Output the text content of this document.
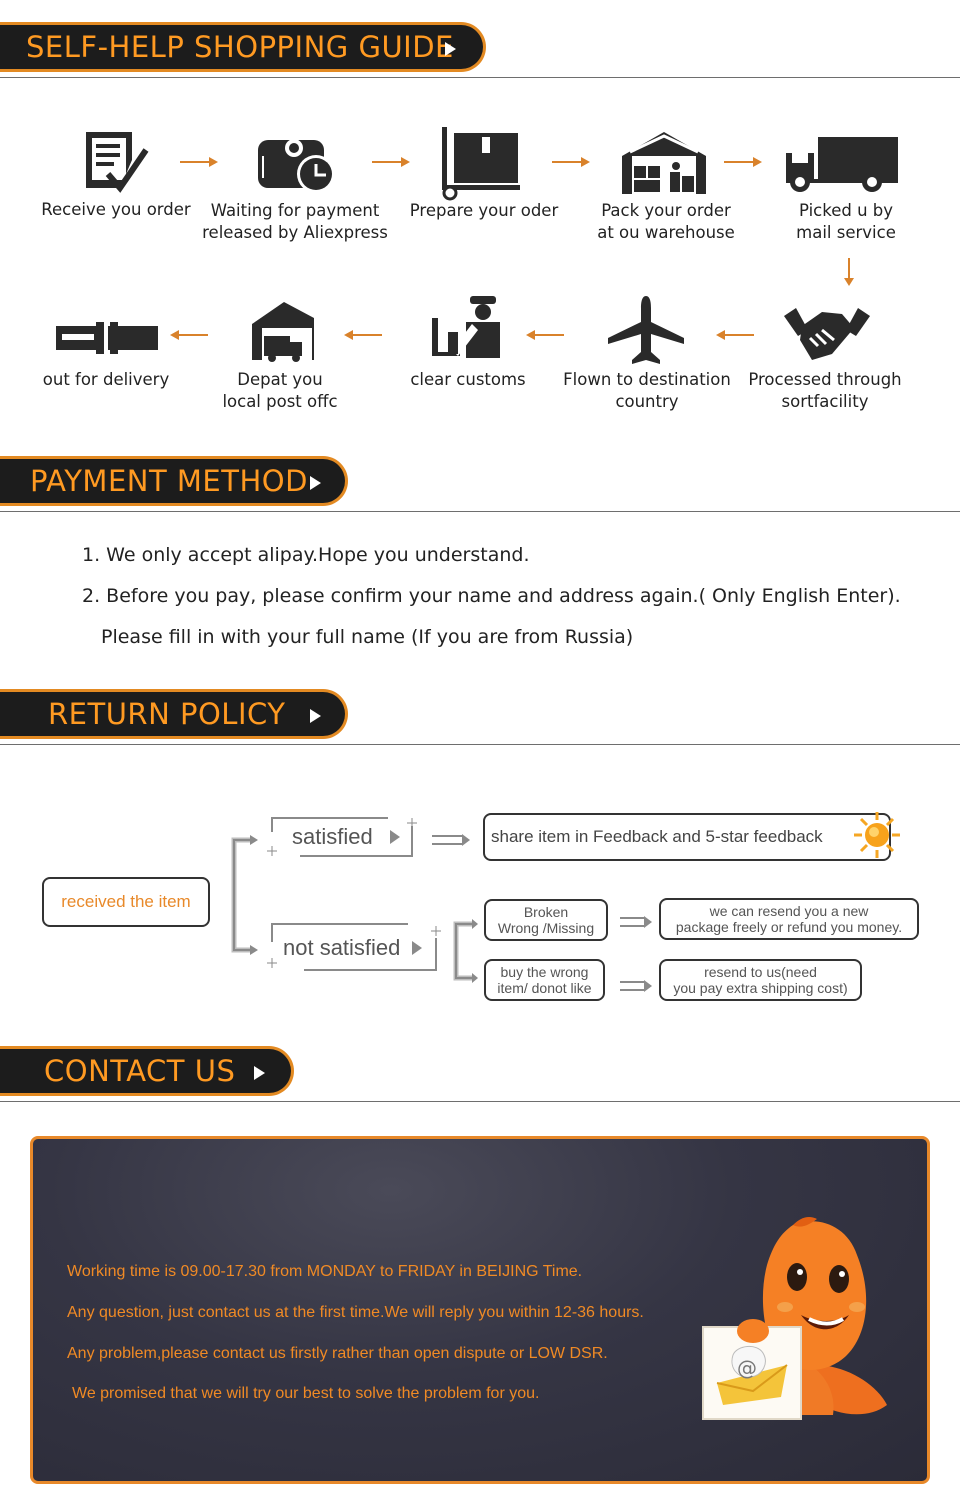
SELF-HELP SHOPPING GUIDE
Receive you order	Waiting for payment
released by Aliexpress
Prepare your oder	Pack your order
at ou warehouse
Picked u by
mail service
out for delivery	Depat you
local post offc
clear customs	Flown to destination
country
Processed through
sortfacility
PAYMENT METHOD
1. We only accept alipay.Hope you understand.
2. Before you pay, please confirm your name and address again.( Only English Enter).
Please fill in with your full name (If you are from Russia)
RETURN POLICY
received the item
satisfied
not satisfied
share item in Feedback and 5-star feedback
Broken
Wrong /Missing
buy the wrong
item/ donot like
we can resend you a new
package freely or refund you money.
resend to us(need
you pay extra shipping cost)
CONTACT US
Working time is 09.00-17.30 from MONDAY to FRIDAY in BEIJING Time.
Any question, just contact us at the first time.We will reply you within 12-36 hours.
Any problem,please contact us firstly rather than open dispute or LOW DSR.
We promised that we will try our best to solve the problem for you.
@
